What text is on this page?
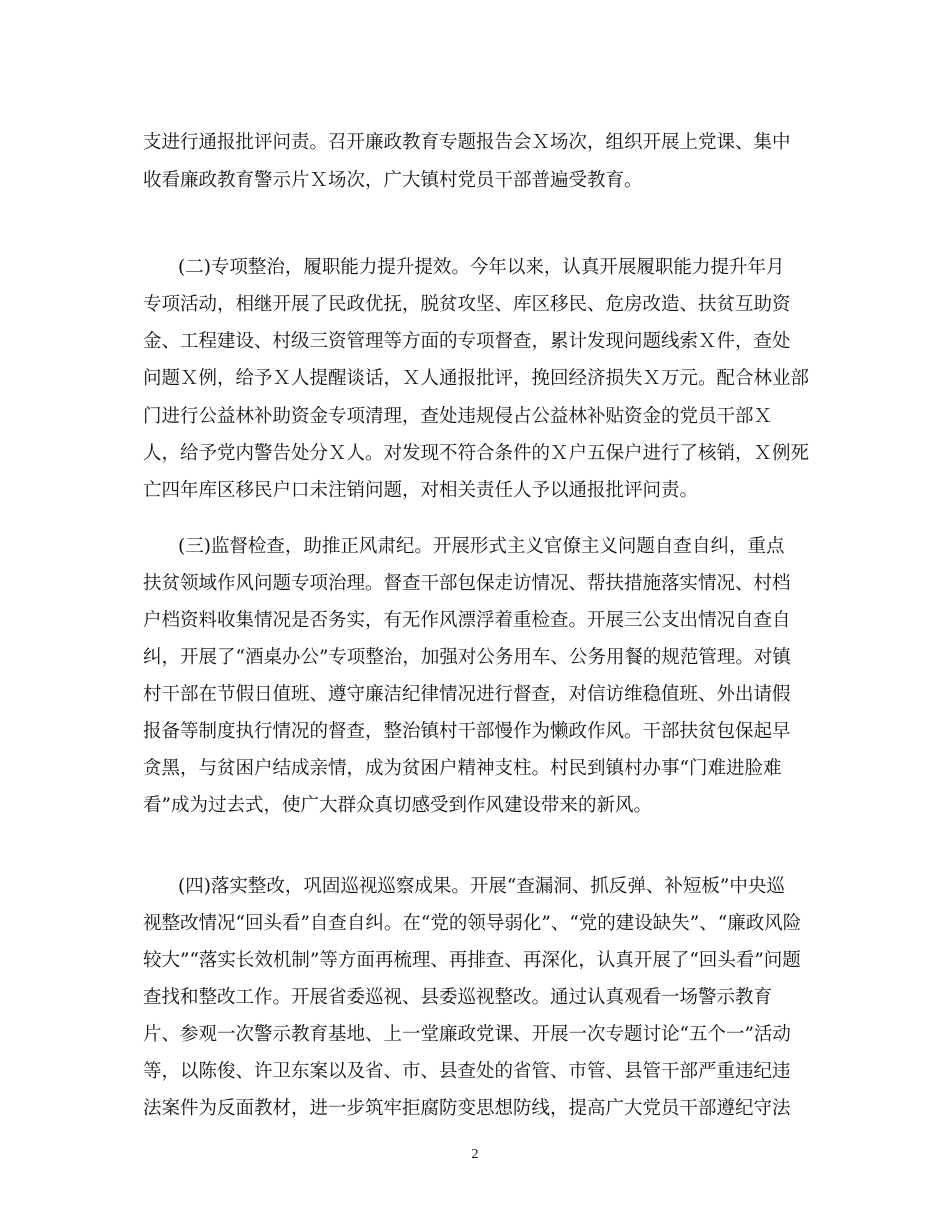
支进行通报批评问责。召开廉政教育专题报告会Ｘ场次，组织开展上党课、集中
收看廉政教育警示片Ｘ场次，广大镇村党员干部普遍受教育。
(二)专项整治，履职能力提升提效。今年以来，认真开展履职能力提升年月
专项活动，相继开展了民政优抚，脱贫攻坚、库区移民、危房改造、扶贫互助资
金、工程建设、村级三资管理等方面的专项督查，累计发现问题线索Ｘ件，查处
问题Ｘ例，给予Ｘ人提醒谈话，Ｘ人通报批评，挽回经济损失Ｘ万元。配合林业部
门进行公益林补助资金专项清理，查处违规侵占公益林补贴资金的党员干部Ｘ
人，给予党内警告处分Ｘ人。对发现不符合条件的Ｘ户五保户进行了核销，Ｘ例死
亡四年库区移民户口未注销问题，对相关责任人予以通报批评问责。
(三)监督检查，助推正风肃纪。开展形式主义官僚主义问题自查自纠，重点
扶贫领域作风问题专项治理。督查干部包保走访情况、帮扶措施落实情况、村档
户档资料收集情况是否务实，有无作风漂浮着重检查。开展三公支出情况自查自
纠，开展了“酒桌办公”专项整治，加强对公务用车、公务用餐的规范管理。对镇
村干部在节假日值班、遵守廉洁纪律情况进行督查，对信访维稳值班、外出请假
报备等制度执行情况的督查，整治镇村干部慢作为懒政作风。干部扶贫包保起早
贪黑，与贫困户结成亲情，成为贫困户精神支柱。村民到镇村办事“门难进脸难
看”成为过去式，使广大群众真切感受到作风建设带来的新风。
(四)落实整改，巩固巡视巡察成果。开展“查漏洞、抓反弹、补短板”中央巡
视整改情况“回头看”自查自纠。在“党的领导弱化”、“党的建设缺失”、“廉政风险
较大”“落实长效机制”等方面再梳理、再排查、再深化，认真开展了“回头看”问题
查找和整改工作。开展省委巡视、县委巡视整改。通过认真观看一场警示教育
片、参观一次警示教育基地、上一堂廉政党课、开展一次专题讨论“五个一”活动
等，以陈俊、许卫东案以及省、市、县查处的省管、市管、县管干部严重违纪违
法案件为反面教材，进一步筑牢拒腐防变思想防线，提高广大党员干部遵纪守法
2
